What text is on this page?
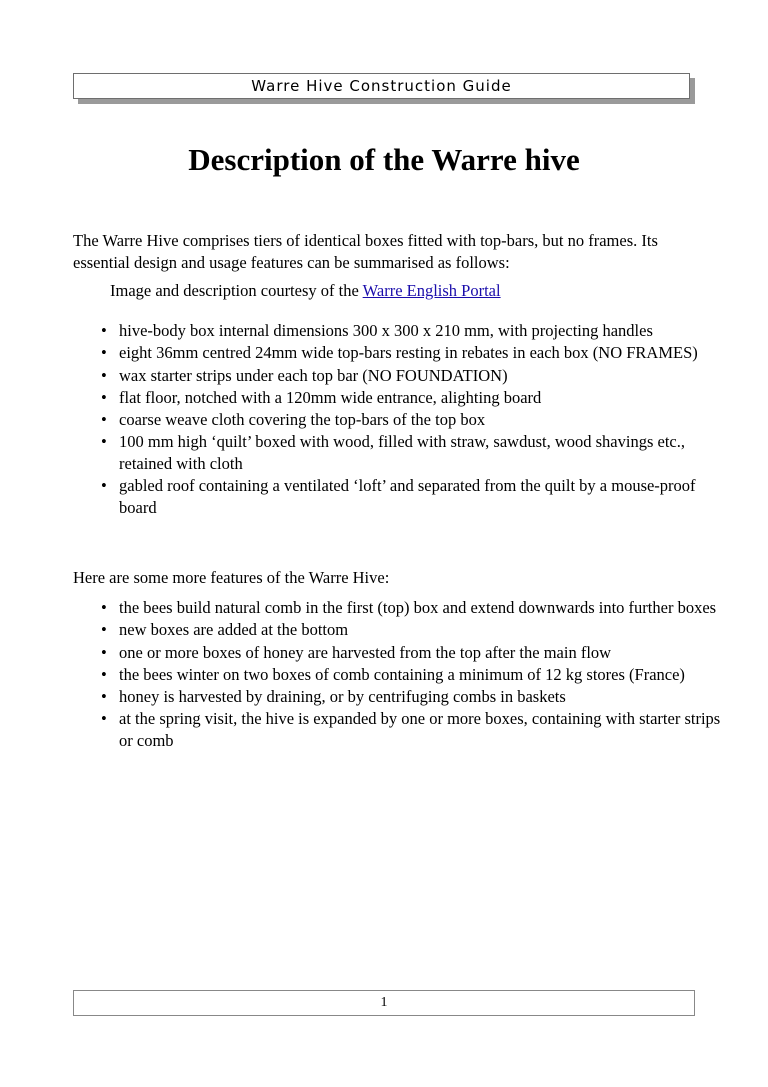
Warre Hive Construction Guide
Description of the Warre hive

The Warre Hive comprises tiers of identical boxes fitted with top-bars, but no frames. Its essential design and usage features can be summarised as follows:

Image and description courtesy of the Warre English Portal

• hive-body box internal dimensions 300 x 300 x 210 mm, with projecting handles
• eight 36mm centred 24mm wide top-bars resting in rebates in each box (NO FRAMES)
• wax starter strips under each top bar (NO FOUNDATION)
• flat floor, notched with a 120mm wide entrance, alighting board
• coarse weave cloth covering the top-bars of the top box
• 100 mm high ‘quilt’ boxed with wood, filled with straw, sawdust, wood shavings etc., retained with cloth
• gabled roof containing a ventilated ‘loft’ and separated from the quilt by a mouse-proof board

Here are some more features of the Warre Hive:

• the bees build natural comb in the first (top) box and extend downwards into further boxes
• new boxes are added at the bottom
• one or more boxes of honey are harvested from the top after the main flow
• the bees winter on two boxes of comb containing a minimum of 12 kg stores (France)
• honey is harvested by draining, or by centrifuging combs in baskets
• at the spring visit, the hive is expanded by one or more boxes, containing with starter strips or comb
1
